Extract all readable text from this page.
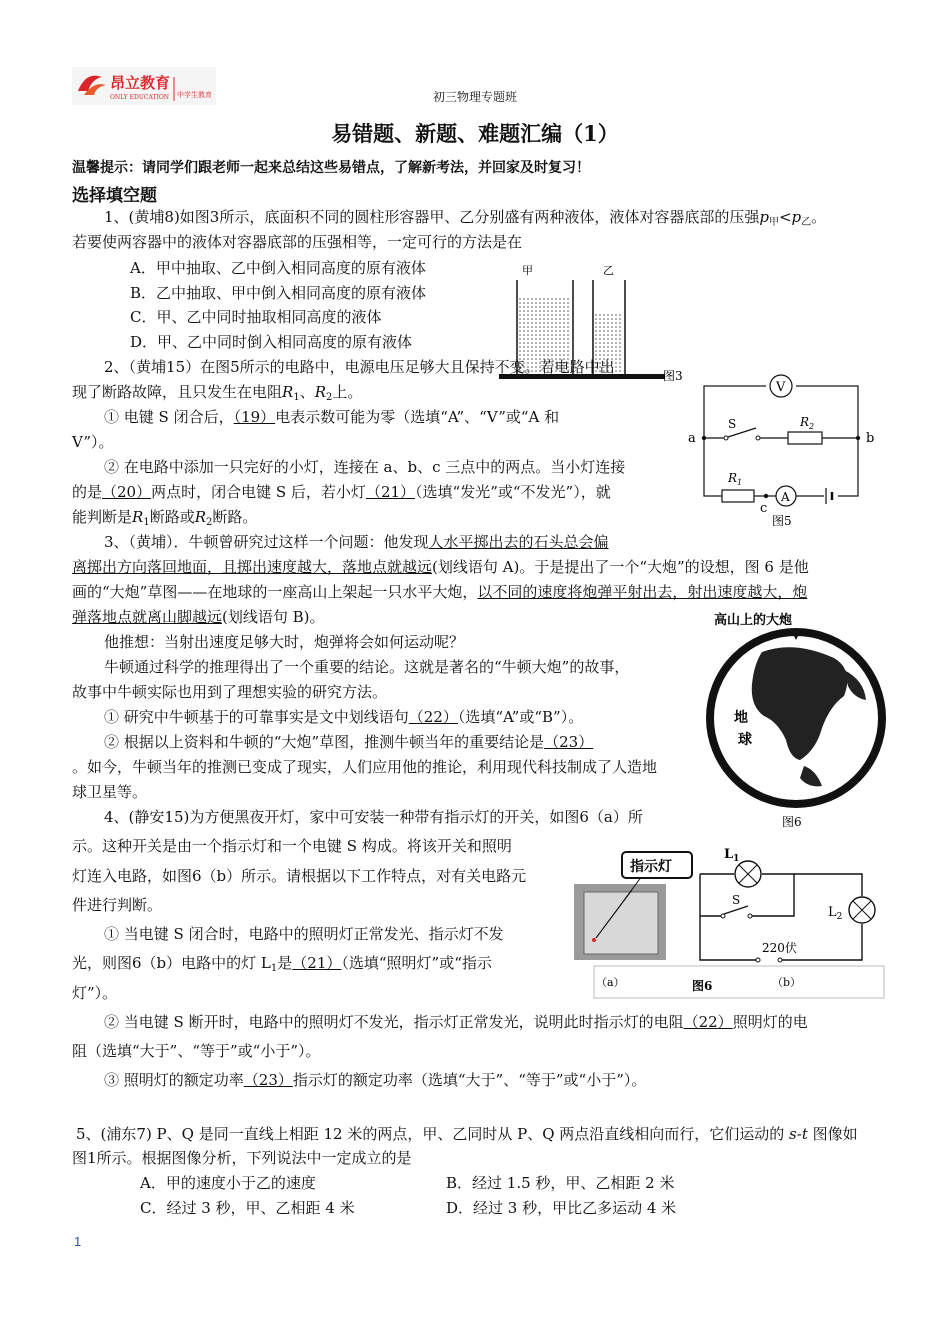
昂立教育
ONLY EDUCATION 中学生教育	初三物理专题班
易错题、新题、难题汇编（1）
温馨提示：请同学们跟老师一起来总结这些易错点，了解新考法，并回家及时复习！
选择填空题
1、(黄埔8)如图3所示，底面积不同的圆柱形容器甲、乙分别盛有两种液体，液体对容器底部的压强$p_甲<p_乙$。
若要使两容器中的液体对容器底部的压强相等，一定可行的方法是在
A．甲中抽取、乙中倒入相同高度的原有液体
B．乙中抽取、甲中倒入相同高度的原有液体
C．甲、乙中同时抽取相同高度的液体
D．甲、乙中同时倒入相同高度的原有液体
甲	乙
图3
2、（黄埔15）在图5所示的电路中，电源电压足够大且保持不变。若电路中出
现了断路故障，且只发生在电阻$R_1$、$R_2$上。
① 电键 S 闭合后，（19）电表示数可能为零（选填“A”、“V”或“A 和
V”）。
② 在电路中添加一只完好的小灯，连接在 a、b、c 三点中的两点。当小灯连接
的是（20）两点时，闭合电键 S 后，若小灯（21）（选填“发光”或“不发光”），就
能判断是$R_1$断路或$R_2$断路。
V
S	$R_2$
a	b
$R_1$
c
A
图5
3、（黄埔）．牛顿曾研究过这样一个问题：他发现人水平掷出去的石头总会偏
离掷出方向落回地面，且掷出速度越大，落地点就越远(划线语句 A)。于是提出了一个“大炮”的设想，图 6 是他
画的“大炮”草图——在地球的一座高山上架起一只水平大炮，以不同的速度将炮弹平射出去，射出速度越大，炮
弹落地点就离山脚越远(划线语句 B)。
他推想：当射出速度足够大时，炮弹将会如何运动呢？
牛顿通过科学的推理得出了一个重要的结论。这就是著名的“牛顿大炮”的故事，
故事中牛顿实际也用到了理想实验的研究方法。
① 研究中牛顿基于的可靠事实是文中划线语句（22）（选填“A”或“B”）。
② 根据以上资料和牛顿的“大炮”草图，推测牛顿当年的重要结论是（23）
。如今，牛顿当年的推测已变成了现实，人们应用他的推论，利用现代科技制成了人造地
球卫星等。
高山上的大炮
地
球
图6
4、(静安15)为方便黑夜开灯，家中可安装一种带有指示灯的开关，如图6（a）所
示。这种开关是由一个指示灯和一个电键 S 构成。将该开关和照明
灯连入电路，如图6（b）所示。请根据以下工作特点，对有关电路元
件进行判断。
① 当电键 S 闭合时，电路中的照明灯正常发光、指示灯不发
光，则图6（b）电路中的灯 $L_1$是（21）（选填“照明灯”或“指示
灯”）。
② 当电键 S 断开时，电路中的照明灯不发光，指示灯正常发光，说明此时指示灯的电阻（22）照明灯的电
阻（选填“大于”、“等于”或“小于”）。
③ 照明灯的额定功率（23）指示灯的额定功率（选填“大于”、“等于”或“小于”）。
指示灯
（a）
$L_1$
$L_2$
S
220伏
图6	（b）
5、(浦东7) P、Q 是同一直线上相距 12 米的两点，甲、乙同时从 P、Q 两点沿直线相向而行，它们运动的 s-t 图像如
图1所示。根据图像分析，下列说法中一定成立的是
A．甲的速度小于乙的速度	B．经过 1.5 秒，甲、乙相距 2 米
C．经过 3 秒，甲、乙相距 4 米	D．经过 3 秒，甲比乙多运动 4 米
1
